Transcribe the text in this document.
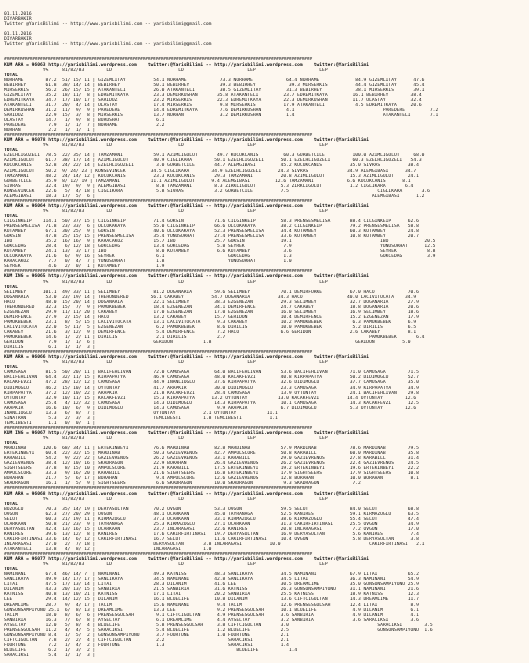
01.11.2016
DIYARBAKIR
Twitter @YarisBilimi -- http://www.yarisbilimi.com -- yarisbilimi@gmail.com
01.11.2016
DIYARBAKIR
Twitter @YarisBilimi -- http://www.yarisbilimi.com -- yarisbilimi@gmail.com

########################################################################################################################
KUM ARA = 96063 http://yarisbilimi.wordpress.com    twitter:@YarisBilimi -- http://yarisbilimi.wordpress.com    twitter:@YarisBilimi
Y%     81/82/83        LD                        LD                       LEP                       LEP
TOTAL
NORHAME        87.2  51/ 15/ 11 | GIZEMLITAY          54.1 NORHAME            73.3 NORHAME            64.4 NORHAME             84.9 GIZEMLITAY      47.6
BEBIRHEY       61.8  38/ 14/ 14 | BEBIRHEY            50.1 BEBIRHEY           39.3 BEBIRHEY            39.3 MIRSERKIS          44.4 GIZEMLITAY      45.4
MIRSERKIS      56.2  26/ 15/ 15 | ATAKANTELI          26.0 ATAKANTELI         38.5 GIZEMLITAY         31.3 BEBIRHEY            38.1 MIRSERKIS       39.1
GIZEMLITAY     35.2  18/ 11/  8 | EDREMITKAYA         23.3 DEMIRKUSHAN       35.8 ATAKANTELI         23.7 EDREMITKAYA         16.1 BEBIRHEY        38.4
EDREMITKAYA    34.7  17/ 10/ 17 | SARIDUZ             23.2 MIRSERKIS         22.3 EDREMITKAYA        22.3 DEMIRKUSHAN         11.7 ULASTAY         32.4
ATAKANTELI     31.7  20/  4/ 14 | ULASTAY             17.4 MIRSERKIS          9.8 MIRSERKIS          17.9 ATAKANTELI           4.5 EDREMITKAYA     20.6
DEMIRKUSHAN    31.2  11/  9/  9 | PAREDERE            14.4 EDREMITKAYA        7.6 DEMIRKUSHAN         4.1                                PAREDERE         7.2
SARIDUZ        22.9  15/  3/  8 | MIRSERKIS           13.7 NURHAN             3.2 DEMIRKUSHAN         1.4                                ATAKANTELI       7.1
ULASTAY        14.7   1/  9/  8 | BURUSHAT             6.1
PAREDERE        7.9   1/  1/  7 | NORHAME              2.2
NURHAN          2.2   1/  1/  1 |
########################################################################################################################
KUM ARA = 96078 http://yarisbilimi.wordpress.com    twitter:@YarisBilimi -- http://yarisbilimi.wordpress.com    twitter:@YarisBilimi
Y%     81/82/83        LD                        LD                       LEP                       LEP
TOTAL
EZELHLIGUZELI  78.5  22/ 35/ 14 | TAMZAMANI           59.1 AZIMLIGULUT       49.7 KUCUKCANIS         60.3 GURBETCILE          100.0 AZIMLIGULUT     68.0
AZIMLIGULUT    61.7  38/ 17/ 14 | AZIMLIGULUT         40.9 CIGLIKARA        50.1 EZELHLIGUZELI      50.1 EZELHLIGUZELI        60.3 EZELHLIGUZELI   54.3
KUCUKCANIS     52.8  24/ 22/ 14 | EZELHLIGUZELI        3.0 GURBETCILE       44.7 ALEMGIBASI         45.2 KUCUKCANIS          35.0 SIVRAS          38.4
AZIMLIGULUT    50.2  9/ 24/ 23 | KONSEVINCEK         34.5 CIGLIKARA        34.9 EZELHLIGUZELI      24.3 SIVRAS              34.9 ALEMGIBASI      34.7
TAMZAMANI      48.2  24/ 14/ 12 | KUCUKCANIS          23.3 KUCUKCANIS       29.3 TAMZAMANI          20.8 AZIMLIGULUT         15.3 AZIMLIGULUT     24.1
GURBETCILE     35.9  8/ 12/ 19 | TAMZAMANI           11.1 AZIMLIGULUT      9.4 ALEMGIBASI         12.6 TAMZAMANI            6.6 KUCUKCANIS      8.1
SIVRAS         32.4  19/  9/  9 | ALEMGIBASI           8.8 TAMZAMANI        8.3 ZIRKLIGULUT         5.3 ZIRKLIGULUT          1.2 CIGLIKARA       6.4
KONSEVINCEK    22.6   5/  4/ 18 | CIGLIKARA            5.8 SIVRAS           3.2 GURBETCILE          7.5                                CIGLIKARA       3.6
ALEMGIBASI     18.3  17/  5/  6 |                                                                                                    ALEMGIBASI      1.2
########################################################################################################################
KUM ARA = 96064 http://yarisbilimi.wordpress.com    twitter:@YarisBilimi -- http://yarisbilimi.wordpress.com    twitter:@YarisBilimi
Y%     81/82/83        LD                        LD                       LEP                       LEP
TOTAL
CILGINKEIP    114.1  50/ 37/ 15 | CILGINKEIP          71.4 GOKSIN           71.6 CILGINKEIP         58.3 PRENSESMELISA       88.4 CILGINKEIP      62.6
PRENSESMELISA  71.8  23/ 33/  6 | OLCOKAKAYA          55.0 CILGINKEIP       66.6 OLCOKAKAYA         38.2 CILGINKEIP          79.2 PRENSESMELISA   58.8
KUTAMBEY       67.1  30/ 25/  9 | GOKSIN              40.6 OLCOKAKAYA       52.3 PRENSESMELISA      34.4 KUTAMBEY            60.3 KUTAMBEY        24.8
GOKSIN         47.8  25/ 15/ 15 | PRENSESMELISA       35.4 YUNUSURHAT       27.4 PRENSESMELISA      33.6 KUTAMBEY            10.8 KUTAMBEY        20.7
IBO            35.2  16/ 16/  9 | KARACAKOZ           15.7 IBO              25.7 GOKSIN             19.1                                IBO             20.5
GOKCEDAG       28.4   6/ 12/ 18 | GOKCEDAG            13.4 GOKCEDAG          5.8 SEYREK              7.9                                YUNUSURHAT      12.5
KUTAMBEY       24.1  13/  3/ 17 | IBO                  8.0 KUTAMBEY          6.6 KUTAMBEY            3.6                                SEYREK           8.8
OLCOKAKAYA     21.6   6/  9/ 16 | SEYREK               6.1                       GOKCEDAG            1.3                                GOKCEDAG         3.9
KARACAKOZ       7.7   0/  4/  7 | YUNUSURHAT           1.8                       YUNUSURHAT          1.0
SEYREK          4.6   2/  0/  1 | KUTAMBEY             1.9
########################################################################################################################
KUM ING = 96065 http://yarisbilimi.wordpress.com    twitter:@YarisBilimi -- http://yarisbilimi.wordpress.com    twitter:@YarisBilimi
Y%     81/82/83        LD                        LD                       LEP                       LEP
TOTAL
SELIMBEY      101.1  49/ 33/ 11 | SELIMBEY            81.2 DOGANARIA        59.6 SELIMBEY           70.1 DEMIRFURKE          67.0 HACO            70.6
DOGANARIA      53.0  23/ 19/ 14 | THEHUNDERED        56.1 CAKABEY          54.7 DOGANARIA          34.3 HACO                40.0 LACIVITOCATA    34.9
HACO           48.0  15/ 20/ 14 | DOGANARIA           22.1 SELIMBEY         38.3 EZGENEZAN          29.3 SELIMBEY            32.7 DOGANARIA       27.9
THEHUNDERED    32.3  15/  7/  9 | PAMUKBEBEK          18.4 EZGENEZAN        34.1 DEMIRFENCE         24.7 CAKABEY             18.8 DOGANARIA       20.6
EZGENEZAN      29.9  11/ 11/ 20 | CAKABEY             17.0 EZGENEZAN        17.0 EZGENEZAN          16.0 SELIMBEY            16.9 SELIMBEY        18.6
DEMIRFENCE     27.9   2/ 15/ 14 | HACO                13.2 CAKABEY          15.7 GERIDON            10.4 DEMIRFENCE          15.2 EZGENEZAN       17.9
PAMUKBEBEK     23.1   8/  5/ 15 | LACIVITOCATA        13.1 LACIVITOCATA      9.3 CAKABEY            10.2 PAMUKBEBEK           6.3 PAMUKBEBEK      6.9
LACIVITOCATA   22.0   5/ 11/  5 | EZGENEZAN            6.2 PAMUKBEBEK        8.6 DIRILIS            10.0 PAMUKBEBEK           5.2 DIRILIS         6.5
CAKABEY        21.6   3/ 12/  9 | DEMIRFENCE           5.4 DEMIRFENCE        7.2 HACO               6.6 GERIDON              2.6 CAKABEY          8.1
PAMUKBEBEK     14.6   1/  2/ 11 | DIRILIS              2.1 DIRILIS           2.7                                                    PAMUKBEBEK       6.4
GERIDON         7.9   1/  1/  6 |                     GERIDON           1.8                                                    GERIDON          5.0
DIRILIS         6.1   1/  1/  3 |
########################################################################################################################
KUM ARA = 96066 http://yarisbilimi.wordpress.com    twitter:@YarisBilimi -- http://yarisbilimi.wordpress.com    twitter:@YarisBilimi
Y%     81/82/83        LD                        LD                       LEP                       LEP
TOTAL
CAMUSAGA       81.5  50/ 20/ 11 | BACIFEHLIVAN        72.0 CAMUSAGA         64.0 BACIFEHLIVAN       53.6 BACIFEHLIVAN        71.0 CAMUSAGA        71.5
BACIFEHLIVAN   64.4  32/ 11/ 15 | KIRPAPATYA          46.9 CAMUSAGA         48.0 KACAKFEVZI         40.8 KIRPAPATYA          50.2 DIDIMOGLU       52.7
KACAKFEVZI     47.2  28/ 12/ 12 | CAMUSAGA            44.9 INANLIOGLU       37.6 KIRPAPATYA         32.6 DIDIMOGLU           37.7 CAMUSAGA        35.0
DIDIMOGLU      46.2  15/ 10/ 14 | OYTUNTAY            41.7 ARAPKIR          30.0 DIDIMOGLU          23.3 CAMUSAGA            34.9 KIRPAPATYA      34.9
KIRPAPATYA     37.2  12/ 10/ 22 | ARAPKIR             21.8 KACAKFEVZI       28.4 CAMUSAGA           13.9 OYTUNTAY            24.1 BACIFEHLIVAN    29.8
OYTUNTAY       32.9  10/ 11/ 15 | KACAKFEVZI          15.3 KIRPAPATYA      13.2 OYTUNTAY           13.0 KACAKFEVZI          14.4 OYTUNTAY        12.6
CAMUSAGA       25.4   4/ 12/ 32 | CAMUSAGA            14.3 DIDIMOGLU        14.3 KIRPAPATYA         10.1 CAMUSAGA            14.3 KACAKFEVZI      12.5
ARAPKIR        16.6  10/  6/  9 | DIDIMOGLU           14.3 CAMUSAGA          9.9 ARAPKIR            6.7 DIDIMOGLU            5.3 OYTUNTAY        12.6
INANLIOGLU     13.3   6/  8/  7 |                     OYTUNTAY          2.1 OYTUNTAY           11.1
SINATRAN        5.3   2/  3/  3 |                     TEMCIBESTI        1.8 TEMCIBESTI          1.1
TEMCIBESTI      1.1   0/  0/  1 |
########################################################################################################################
KUM ING = 96067 http://yarisbilimi.wordpress.com    twitter:@YarisBilimi -- http://yarisbilimi.wordpress.com    twitter:@YarisBilimi
Y%     81/82/83        LD                        LD                       LEP                       LEP
TOTAL
MARDINAB      120.6  68/ 34/ 11 | ERTEKINBEYI         76.6 MARDINAB         82.8 MARDINAB           57.9 MARDINAB            78.6 MARDINAB        79.5
ERTEKINBEYI    60.4  22/ 32/ 15 | MARDINAB            50.3 GAZIEVRENOS      42.7 AMPULSCORE         50.8 KARABILL            60.0 MARDINAB        35.8
KARABILL       54.2   9/ 22/ 22 | GAZIEVRENOS         26.2 GAZIEVRENOS      33.1 KARABILL           29.0 GAZIEVRENOS         27.8 KARABILL        31.4
GAZIEVRENOS    38.4  12/ 10/ 16 | SKADRAGON           22.9 BORAHAN          26.4 GAZIEVRENOS        26.2 GAZIEVRENOS         22.4 GAZIEVRENOS     24.5
SIGHTSEERS     37.8   8/ 15/ 10 | AMPULSCORE          21.9 KARABILL         17.5 ERTEKINBEYI        19.2 ERTEKINBEYI         19.6 ERTEKINBEYI     22.2
AMPULSCORE     33.3   9/ 16/ 20 | KARABILL            21.6 SIGHTSEERS       16.8 ERTEKINBEYI        17.9 SIGHTSEERS          17.9 SIGHTSEERS      10.8
BORAHAN        21.7   5/  6/ 17 | BORAHAN              9.4 AMPULSCORE       12.6 GAZIEVRENOS        12.8 BORAHAN             10.0 BORAHAN          8.1
SKADRAGON      16.1   1/  5/  9 | SIGHTSEERS           6.6 SKADRAGON        10.0 SKADRAGON           9.3 SKADRAGON            7.2
########################################################################################################################
KUM ARA = 96068 http://yarisbilimi.wordpress.com    twitter:@YarisBilimi -- http://yarisbilimi.wordpress.com    twitter:@YarisBilimi
Y%     81/82/83        LD                        LD                       LEP                       LEP
TOTAL
BOZOGLU        70.3  35/ 14/ 19 | DERYASULTAN         70.2 OVGUN            53.3 OVGUN              59.5 SELUT               84.0 SELUT           68.8
OVGUN          62.3  27/ 20/ 29 | OVGUN               48.1 UCARKAAN         45.0 TAYRANAGA          52.5 KANIRES             59.1 KIRMAZOGLU      63.5
SELUT          60.3  21/ 19/ 11 | KIRMAZOGLU          37.3 UCARKAAN         33.1 KIRMAZOGLU         38.6 KIRMAZOGLU          55.4 SELUT           47.4
UCARKAAN       50.8  21/ 23/  9 | TAYRANAGA           25.3 KIRMAZOGLU       27.1 UCARKAAN           31.3 CAKIRFIRTINASI      25.5 OVGUN           34.9
DERYASULTAN    42.4  13/ 16/ 15 | UCARKAAN            23.7 INLARAGASI       22.6 KANIRES            20.8 INLARAGASI           7.2 OVGUN           17.0
KANIRES        39.6  13/ 12/  8 | KANIRES             17.6 CAKIRFIRTINASI   19.7 DERYASULTAN        16.9 DERYASULTAN          5.6 KANIRES          7.4
CAKIRFIRTINASI 33.6  14/  6/ 12 | CAKIRFIRTINASI      16.7 SELUT            11.6 CAKIRFIRTINASI     10.4 OVGUN                5.8 DERYASULTAN      3.8
INLARAGASI     27.0   2/  7/ 18 |                     DERYASULTAN       3.8 INLARAGASI          10.0                                CAKIRFIRTINASI   2.1
ATAKANTELI     13.8   4/  8/ 12 |                     INLARAGASI        1.0
########################################################################################################################
KUM ARA = 96077 http://yarisbilimi.wordpress.com    twitter:@YarisBilimi -- http://yarisbilimi.wordpress.com    twitter:@YarisBilimi
Y%     81/82/83        LD                        LD                       LEP                       LEP
TOTAL
NAMINANI       67.4  46/ 14/ 7  | NAMINANI            49.3 KATNISS          48.3 SANLIKAYA          34.5 NAMINANI            67.9 LITAI           65.2
SANLIKAYA      49.9  14/ 17/ 17 | SANLIKAYA           34.5 NAMINANI         42.8 SANLIKAYA          34.5 LITAI               36.3 NAMINANI        54.9
LITAI          47.5  17/ 13/ 14 | LITAI               28.3 DILANIM          41.6 LEE                30.5 DREAMLIME           35.0 GUNSONSAMPIYONU 25.9
DILANIM        43.3  20/ 13/ 15 | SANBIRIA            21.5 SANBIRIA         31.6 KATNISS            26.3 GUNSONSAMPIYONU     31.1 NAMINANI        21.6
KATNISS        40.8  13/ 10/ 21 | KATNISS             17.1 LITAI            20.2 SANBIRIA           25.5 KATNISS             18.9 KATNISS         12.3
LEE            29.4  14/ 12/ 15 | DILANIM             16.1 BLUELIFE         10.8 DILANIM            13.6 CIFTCIGULTAN        14.3 DREAMLIME       11.7
DREAMLIME      28.7   9/  4/ 17 | TACIM               15.6 NAMINANI          9.4 TACIM              12.6 PRENSESGULSAH       12.4 LITAI            8.9
GUNSONSAMPIYONU 25.1  6/  8/ 13 | DREAMLIME           13.3 LEE               9.2 PRENSESGULSAH      10.1 BLUELIFE             4.9 DILANIM          6.1
TACIM          18.0   8/  6/  6 | PRENSESGULSAH        9.1 CIFTCIGULTAN      4.9 PRENSESGULSAH      3.6 SANBIRIA              4.9 DILANIM          4.1
SANBIRIA       16.3   7/  6/  8 | AYSELTAY             6.1 DREAMLIME         4.4 AYSELTAY           3.2 SANBIRIA              3.6 SARACIKSI        3.6
AYSELTAY       12.0   5/  8/  4 | BLUELIFE             5.8 PRENSESGULSAH     3.8 CIFTCIGULTAN       3.0                                SARACIKSI        3.5
PRENSESGULSAH  11.2   4/  4/  5 | SARACIKSI            5.4 BLUELIFE          1.2 BLUELIFE           2.5                                GUNSONSAMPIYONU  1.6
GUNSONSAMPIYONU 8.4   1/  5/  2 | GUNSONSAMPIYONU      3.7 FOURTUNE          1.0 FOURTUNE           2.1
CIFTCIGULTAN    7.8   2/  2/  4 | CIFTCIGULTAN         2.2                       SARACIKSI          2.1
FOURTUNE        7.2   1/  4/  2 | FOURTUNE             1.3                       SARACIKSI          1.4
BLUELIFE        6.2   1/  3/  2 |                                                   BLUELIFE           1.4
SARACIKSI       5.4   1/  1/  3 |
